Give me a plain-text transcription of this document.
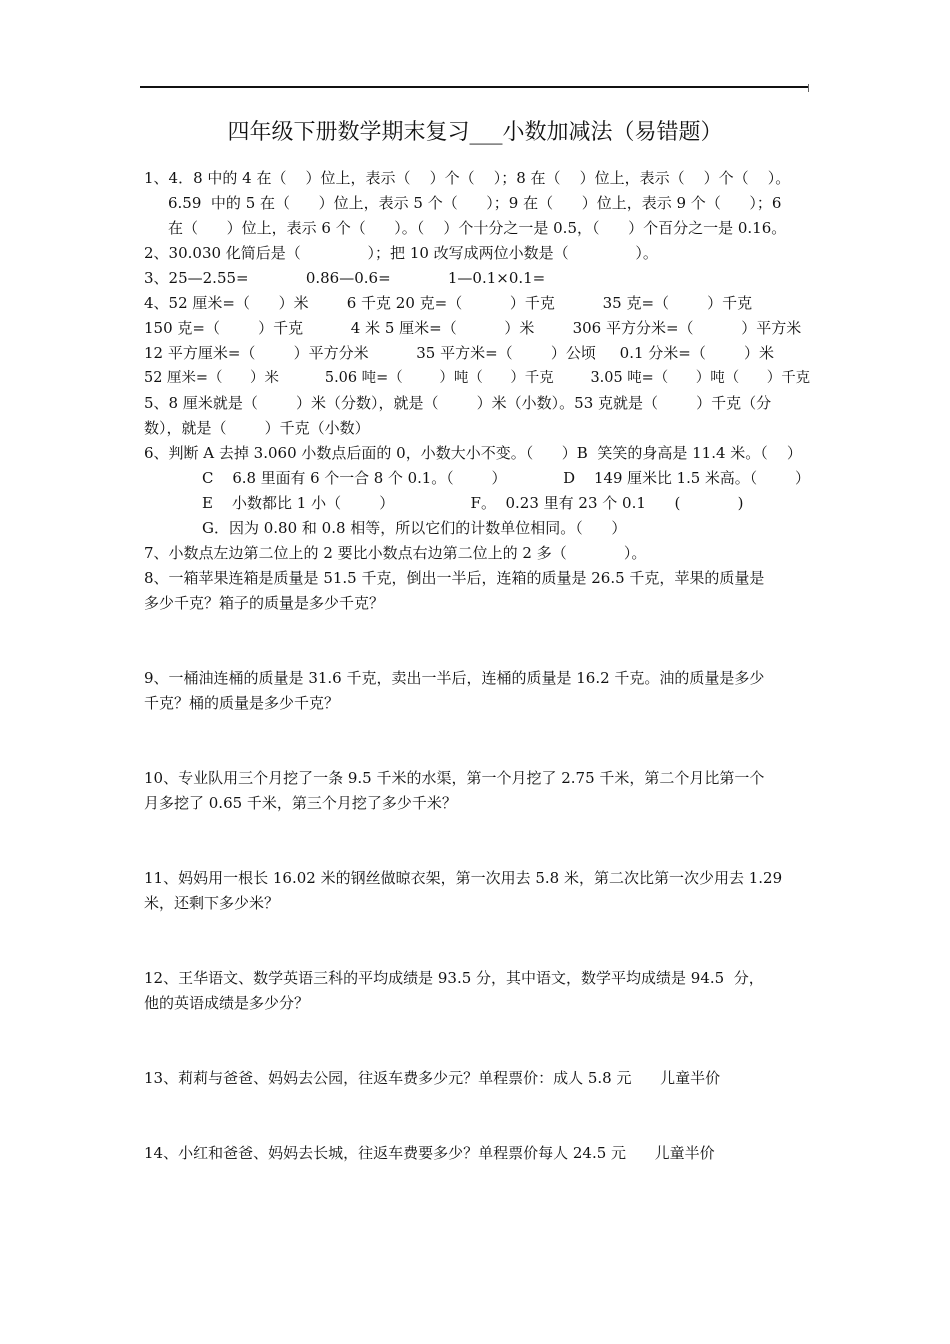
四年级下册数学期末复习___小数加减法（易错题）
1、4．8 中的 4 在（    ）位上，表示（    ）个（    ）；8 在（    ）位上，表示（    ）个（    ）。
6.59  中的 5 在（      ）位上，表示 5 个（      ）；9 在（      ）位上，表示 9 个（      ）；6
在（      ）位上，表示 6 个（      ）。（    ）个十分之一是 0.5，（      ）个百分之一是 0.16。
2、30.030 化简后是（              ）；把 10 改写成两位小数是（              ）。
3、25—2.55=            0.86—0.6=            1—0.1×0.1=
4、52 厘米=（      ）米        6 千克 20 克=（          ）千克          35 克=（        ）千克
150 克=（        ）千克          4 米 5 厘米=（          ）米        306 平方分米=（          ）平方米
12 平方厘米=（        ）平方分米          35 平方米=（        ）公顷     0.1 分米=（        ）米
52 厘米=（      ）米          5.06 吨=（        ）吨（      ）千克        3.05 吨=（      ）吨（      ）千克
5、8 厘米就是（        ）米（分数），就是（        ）米（小数）。53 克就是（        ）千克（分
数），就是（        ）千克（小数）
6、判断 A 去掉 3.060 小数点后面的 0，小数大小不变。（      ）B  笑笑的身高是 11.4 米。（    ）
C    6.8 里面有 6 个一合 8 个 0.1。（        ）            D    149 厘米比 1.5 米高。（        ）
E    小数都比 1 小（        ）                F。  0.23 里有 23 个 0.1      (            )
G．因为 0.80 和 0.8 相等，所以它们的计数单位相同。（      ）
7、小数点左边第二位上的 2 要比小数点右边第二位上的 2 多（            ）。
8、一箱苹果连箱是质量是 51.5 千克，倒出一半后，连箱的质量是 26.5 千克，苹果的质量是
多少千克？箱子的质量是多少千克？
9、一桶油连桶的质量是 31.6 千克，卖出一半后，连桶的质量是 16.2 千克。油的质量是多少
千克？桶的质量是多少千克？
10、专业队用三个月挖了一条 9.5 千米的水渠，第一个月挖了 2.75 千米，第二个月比第一个
月多挖了 0.65 千米，第三个月挖了多少千米？
11、妈妈用一根长 16.02 米的钢丝做晾衣架，第一次用去 5.8 米，第二次比第一次少用去 1.29
米，还剩下多少米？
12、王华语文、数学英语三科的平均成绩是 93.5 分，其中语文，数学平均成绩是 94.5  分，
他的英语成绩是多少分？
13、莉莉与爸爸、妈妈去公园，往返车费多少元？单程票价：成人 5.8 元      儿童半价
14、小红和爸爸、妈妈去长城，往返车费要多少？单程票价每人 24.5 元      儿童半价
